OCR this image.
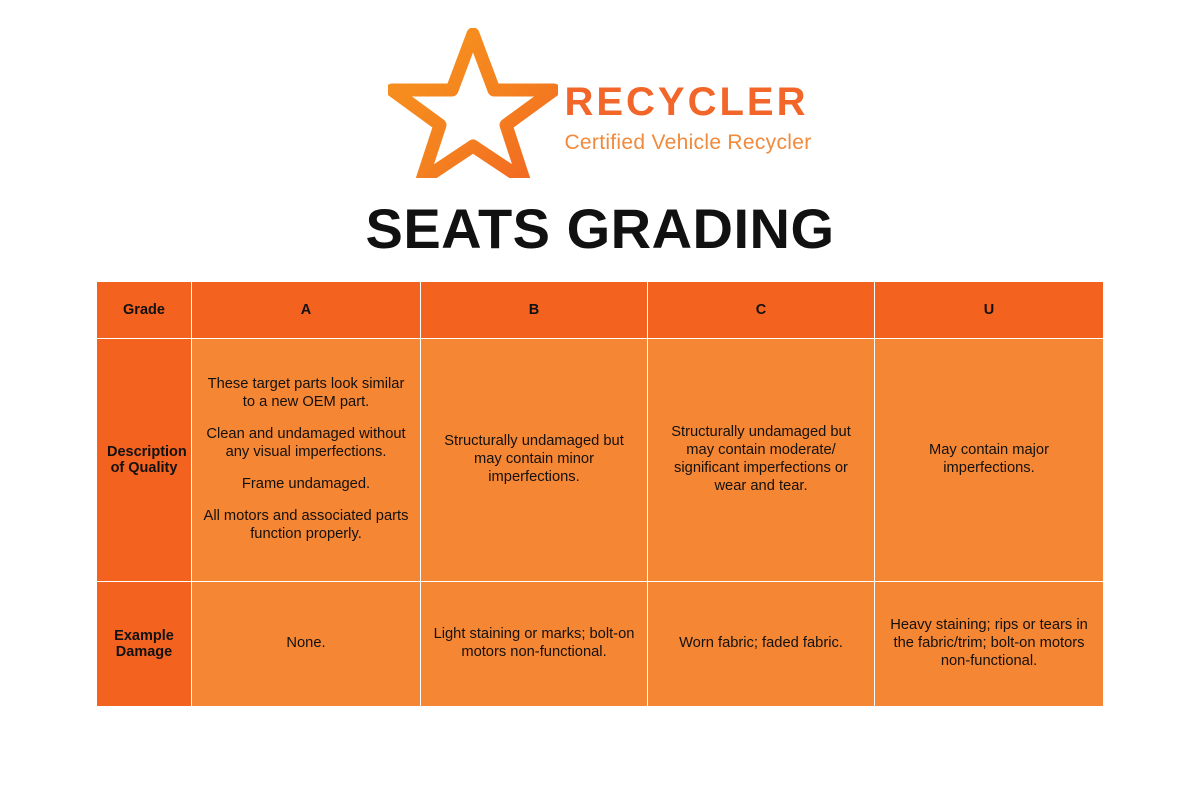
RECYCLER
Certified Vehicle Recycler
SEATS GRADING
Grade	A	B	C	U
Description of Quality	These target parts look similar to a new OEM part.

Clean and undamaged without any visual imperfections.

Frame undamaged.

All motors and associated parts function properly.	Structurally undamaged but may contain minor imperfections.	Structurally undamaged but may contain moderate/ significant imperfections or wear and tear.	May contain major imperfections.

Example Damage	None.	Light staining or marks; bolt-on motors non-functional.	Worn fabric; faded fabric.	Heavy staining; rips or tears in the fabric/trim; bolt-on motors non-functional.
